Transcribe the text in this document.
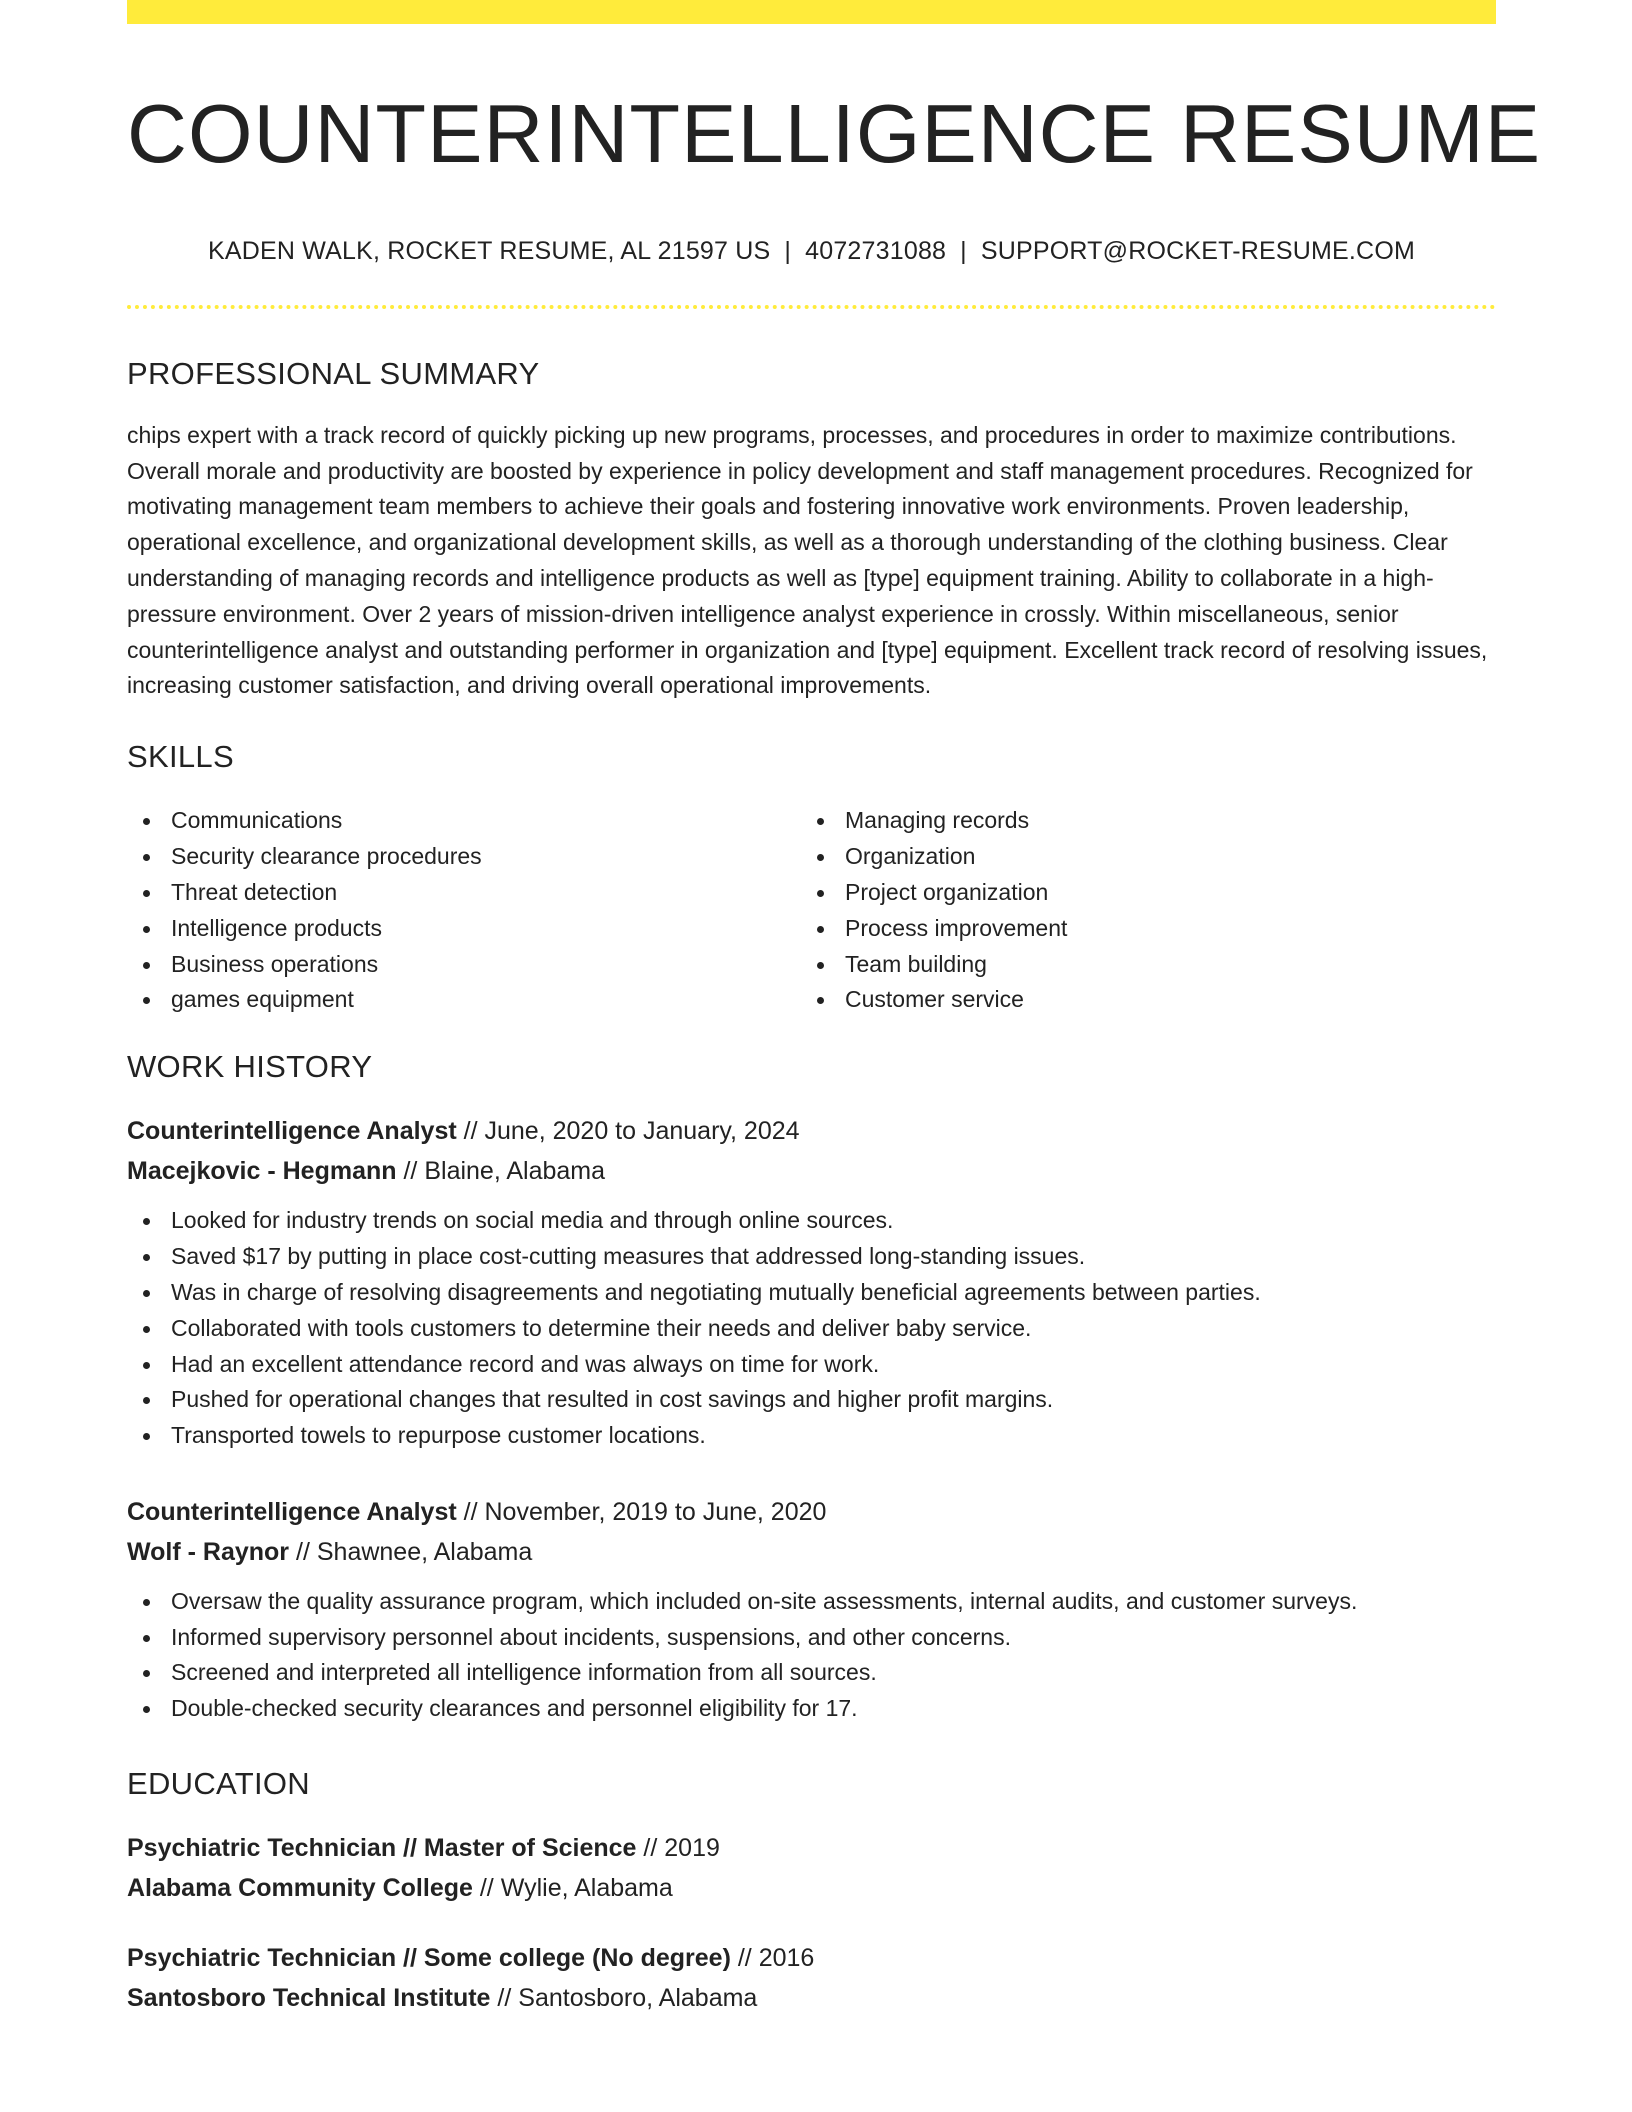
COUNTERINTELLIGENCE RESUME
KADEN WALK, ROCKET RESUME, AL 21597 US | 4072731088 | SUPPORT@ROCKET-RESUME.COM
PROFESSIONAL SUMMARY

chips expert with a track record of quickly picking up new programs, processes, and procedures in order to maximize contributions. Overall morale and productivity are boosted by experience in policy development and staff management procedures. Recognized for motivating management team members to achieve their goals and fostering innovative work environments. Proven leadership, operational excellence, and organizational development skills, as well as a thorough understanding of the clothing business. Clear understanding of managing records and intelligence products as well as [type] equipment training. Ability to collaborate in a high-pressure environment. Over 2 years of mission-driven intelligence analyst experience in crossly. Within miscellaneous, senior counterintelligence analyst and outstanding performer in organization and [type] equipment. Excellent track record of resolving issues, increasing customer satisfaction, and driving overall operational improvements.

SKILLS
Communications
Security clearance procedures
Threat detection
Intelligence products
Business operations
games equipment
Managing records
Organization
Project organization
Process improvement
Team building
Customer service
WORK HISTORY
Counterintelligence Analyst // June, 2020 to January, 2024
Macejkovic - Hegmann // Blaine, Alabama
Looked for industry trends on social media and through online sources.
Saved $17 by putting in place cost-cutting measures that addressed long-standing issues.
Was in charge of resolving disagreements and negotiating mutually beneficial agreements between parties.
Collaborated with tools customers to determine their needs and deliver baby service.
Had an excellent attendance record and was always on time for work.
Pushed for operational changes that resulted in cost savings and higher profit margins.
Transported towels to repurpose customer locations.
Counterintelligence Analyst // November, 2019 to June, 2020
Wolf - Raynor // Shawnee, Alabama
Oversaw the quality assurance program, which included on-site assessments, internal audits, and customer surveys.
Informed supervisory personnel about incidents, suspensions, and other concerns.
Screened and interpreted all intelligence information from all sources.
Double-checked security clearances and personnel eligibility for 17.
EDUCATION
Psychiatric Technician // Master of Science // 2019
Alabama Community College // Wylie, Alabama
Psychiatric Technician // Some college (No degree) // 2016
Santosboro Technical Institute // Santosboro, Alabama
